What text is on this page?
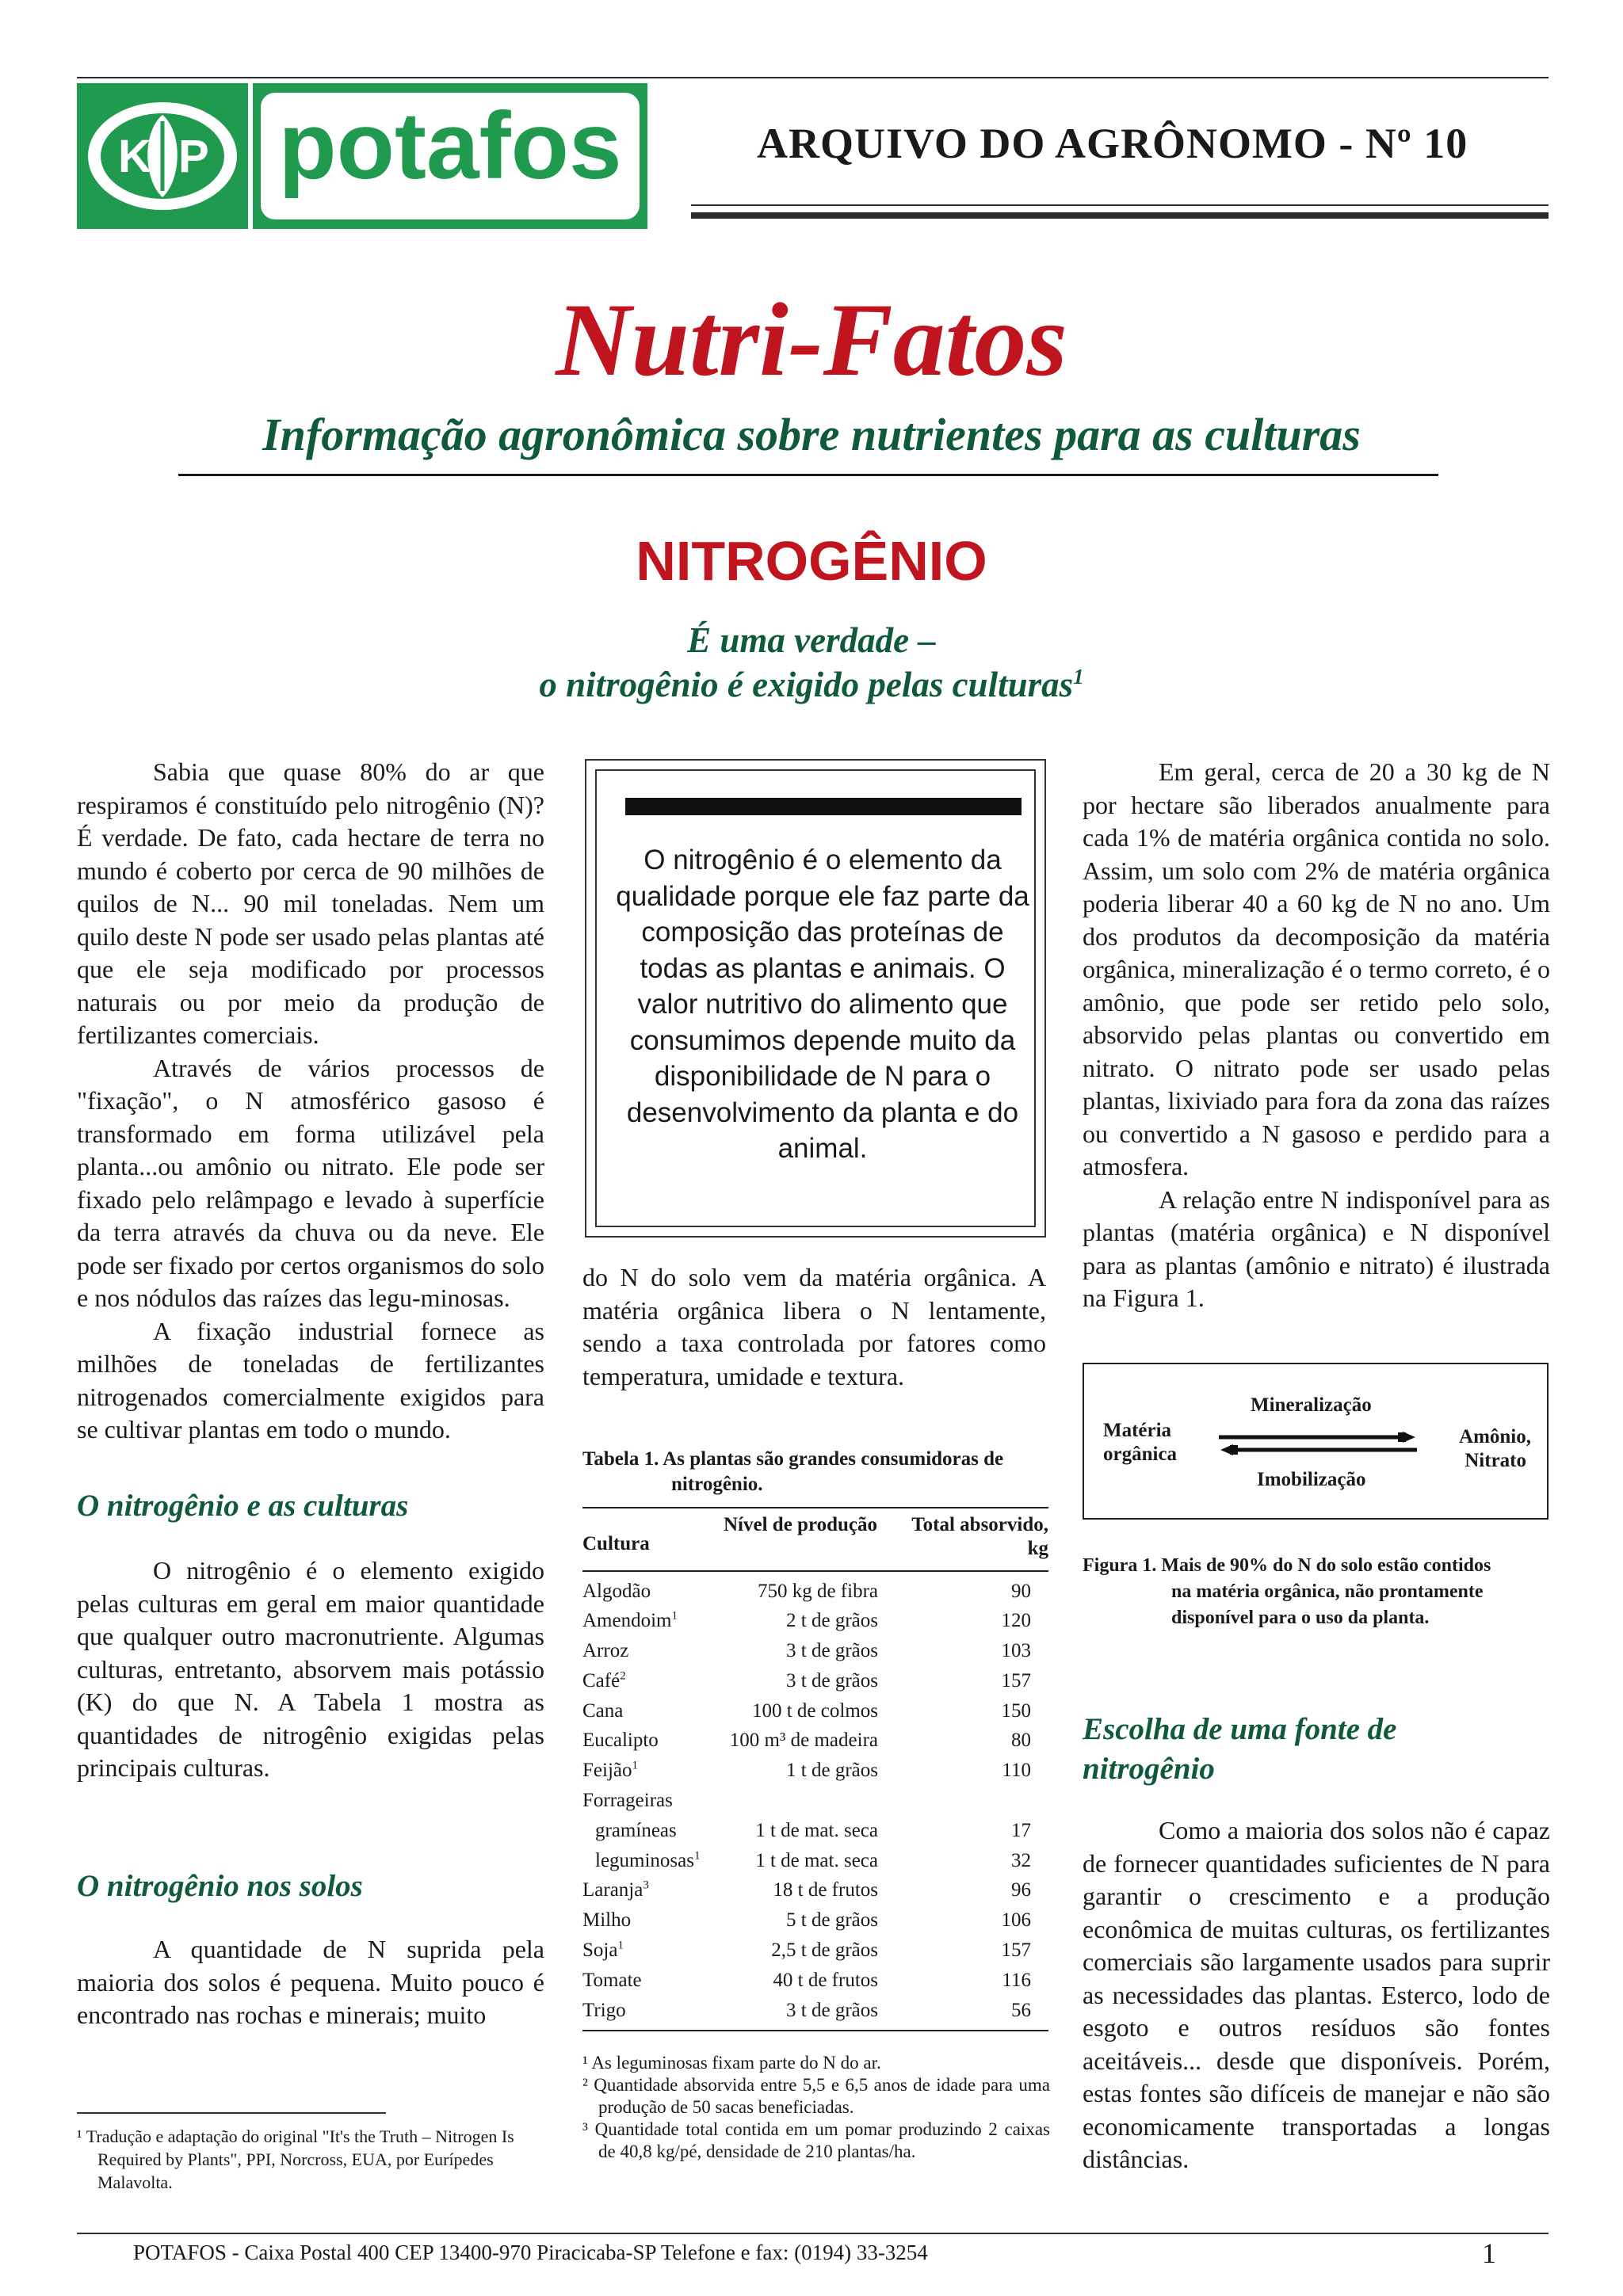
K P potafos	ARQUIVO DO AGRÔNOMO - Nº 10
Nutri-Fatos
Informação agronômica sobre nutrientes para as culturas
NITROGÊNIO
É uma verdade –
o nitrogênio é exigido pelas culturas$^1$

Sabia que quase 80% do ar que respiramos é constituído pelo nitrogênio (N)? É verdade. De fato, cada hectare de terra no mundo é coberto por cerca de 90 milhões de quilos de N... 90 mil toneladas. Nem um quilo deste N pode ser usado pelas plantas até que ele seja modificado por processos naturais ou por meio da produção de fertilizantes comerciais.

Através de vários processos de "fixação", o N atmosférico gasoso é transformado em forma utilizável pela planta...ou amônio ou nitrato. Ele pode ser fixado pelo relâmpago e levado à superfície da terra através da chuva ou da neve. Ele pode ser fixado por certos organismos do solo e nos nódulos das raízes das legu-minosas.

A fixação industrial fornece as milhões de toneladas de fertilizantes nitrogenados comercialmente exigidos para se cultivar plantas em todo o mundo.

O nitrogênio e as culturas

O nitrogênio é o elemento exigido pelas culturas em geral em maior quantidade que qualquer outro macronutriente. Algumas culturas, entretanto, absorvem mais potássio (K) do que N. A Tabela 1 mostra as quantidades de nitrogênio exigidas pelas principais culturas.

O nitrogênio nos solos

A quantidade de N suprida pela maioria dos solos é pequena. Muito pouco é encontrado nas rochas e minerais; muito

¹ Tradução e adaptação do original "It's the Truth – Nitrogen Is Required by Plants", PPI, Norcross, EUA, por Eurípedes Malavolta.
O nitrogênio é o elemento da qualidade porque ele faz parte da composição das proteínas de todas as plantas e animais. O valor nutritivo do alimento que consumimos depende muito da disponibilidade de N para o desenvolvimento da planta e do animal.

do N do solo vem da matéria orgânica. A matéria orgânica libera o N lentamente, sendo a taxa controlada por fatores como temperatura, umidade e textura.

Tabela 1. As plantas são grandes consumidoras de
nitrogênio.
Cultura
Nível de produção	Total absorvido, kg
Algodão	750 kg de fibra	90
Amendoim$^1$	2 t de grãos	120
Arroz	3 t de grãos	103
Café$^2$	3 t de grãos	157
Cana	100 t de colmos	150
Eucalipto	100 m³ de madeira	80
Feijão$^1$	1 t de grãos	110
Forrageiras
gramíneas	1 t de mat. seca	17
leguminosas$^1$	1 t de mat. seca	32
Laranja$^3$	18 t de frutos	96
Milho	5 t de grãos	106
Soja$^1$	2,5 t de grãos	157
Tomate	40 t de frutos	116
Trigo	3 t de grãos	56
¹ As leguminosas fixam parte do N do ar.
² Quantidade absorvida entre 5,5 e 6,5 anos de idade para uma produção de 50 sacas beneficiadas.
³ Quantidade total contida em um pomar produzindo 2 caixas de 40,8 kg/pé, densidade de 210 plantas/ha.

Em geral, cerca de 20 a 30 kg de N por hectare são liberados anualmente para cada 1% de matéria orgânica contida no solo. Assim, um solo com 2% de matéria orgânica poderia liberar 40 a 60 kg de N no ano. Um dos produtos da decomposição da matéria orgânica, mineralização é o termo correto, é o amônio, que pode ser retido pelo solo, absorvido pelas plantas ou convertido em nitrato. O nitrato pode ser usado pelas plantas, lixiviado para fora da zona das raízes ou convertido a N gasoso e perdido para a atmosfera.

A relação entre N indisponível para as plantas (matéria orgânica) e N disponível para as plantas (amônio e nitrato) é ilustrada na Figura 1.

Mineralização
Matéria
orgânica
Amônio,
Nitrato
Imobilização
Figura 1. Mais de 90% do N do solo estão contidos
na matéria orgânica, não prontamente disponível para o uso da planta.
Escolha de uma fonte de nitrogênio

Como a maioria dos solos não é capaz de fornecer quantidades suficientes de N para garantir o crescimento e a produção econômica de muitas culturas, os fertilizantes comerciais são largamente usados para suprir as necessidades das plantas. Esterco, lodo de esgoto e outros resíduos são fontes aceitáveis... desde que disponíveis. Porém, estas fontes são difíceis de manejar e não são economicamente transportadas a longas distâncias.

POTAFOS - Caixa Postal 400 CEP 13400-970 Piracicaba-SP Telefone e fax: (0194) 33-3254	1
